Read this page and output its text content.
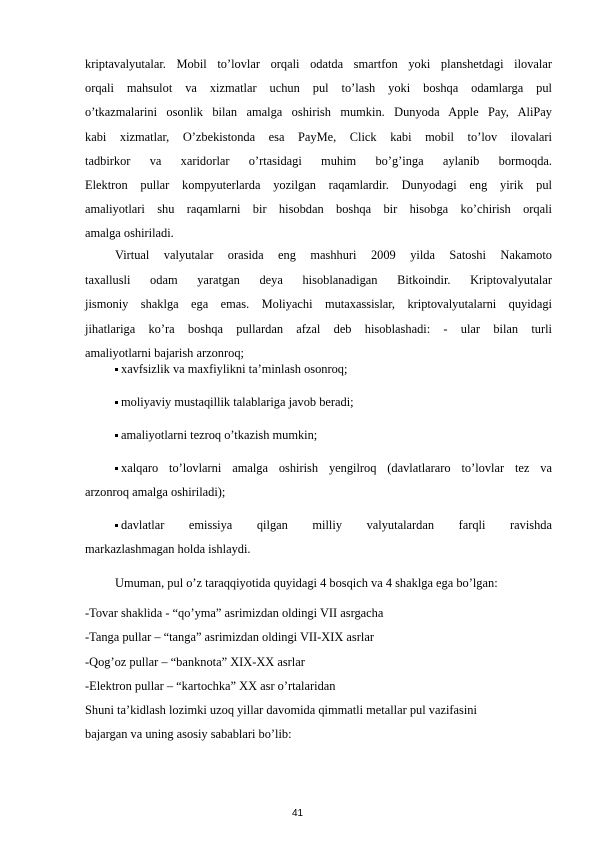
kriptavalyutalar. Mobil to’lovlar orqali odatda smartfon yoki planshetdagi ilovalar

orqali mahsulot va xizmatlar uchun pul to’lash yoki boshqa odamlarga pul

o’tkazmalarini osonlik bilan amalga oshirish mumkin. Dunyoda Apple Pay, AliPay

kabi xizmatlar, O’zbekistonda esa PayMe, Click kabi mobil to’lov ilovalari

tadbirkor va xaridorlar o’rtasidagi muhim bo’g’inga aylanib bormoqda.

Elektron pullar kompyuterlarda yozilgan raqamlardir. Dunyodagi eng yirik pul

amaliyotlari shu raqamlarni bir hisobdan boshqa bir hisobga ko’chirish orqali

amalga oshiriladi.

Virtual valyutalar orasida eng mashhuri 2009 yilda Satoshi Nakamoto

taxallusli odam yaratgan deya hisoblanadigan Bitkoindir. Kriptovalyutalar

jismoniy shaklga ega emas. Moliyachi mutaxassislar, kriptovalyutalarni quyidagi

jihatlariga ko’ra boshqa pullardan afzal deb hisoblashadi: - ular bilan turli

amaliyotlarni bajarish arzonroq;

xavfsizlik va maxfiylikni ta’minlash osonroq;

moliyaviy mustaqillik talablariga javob beradi;

amaliyotlarni tezroq o’tkazish mumkin;

xalqaro to’lovlarni amalga oshirish yengilroq (davlatlararo to’lovlar tez va

arzonroq amalga oshiriladi);

davlatlar emissiya qilgan milliy valyutalardan farqli ravishda

markazlashmagan holda ishlaydi.

Umuman, pul o’z taraqqiyotida quyidagi 4 bosqich va 4 shaklga ega bo’lgan:

-Tovar shaklida - “qo’yma” asrimizdan oldingi VII asrgacha

-Tanga pullar – “tanga” asrimizdan oldingi VII-XIX asrlar

-Qog’oz pullar – “banknota” XIX-XX asrlar

-Elektron pullar – “kartochka” XX asr o’rtalaridan

Shuni ta’kidlash lozimki uzoq yillar davomida qimmatli metallar pul vazifasini

bajargan va uning asosiy sabablari bo’lib:

41
